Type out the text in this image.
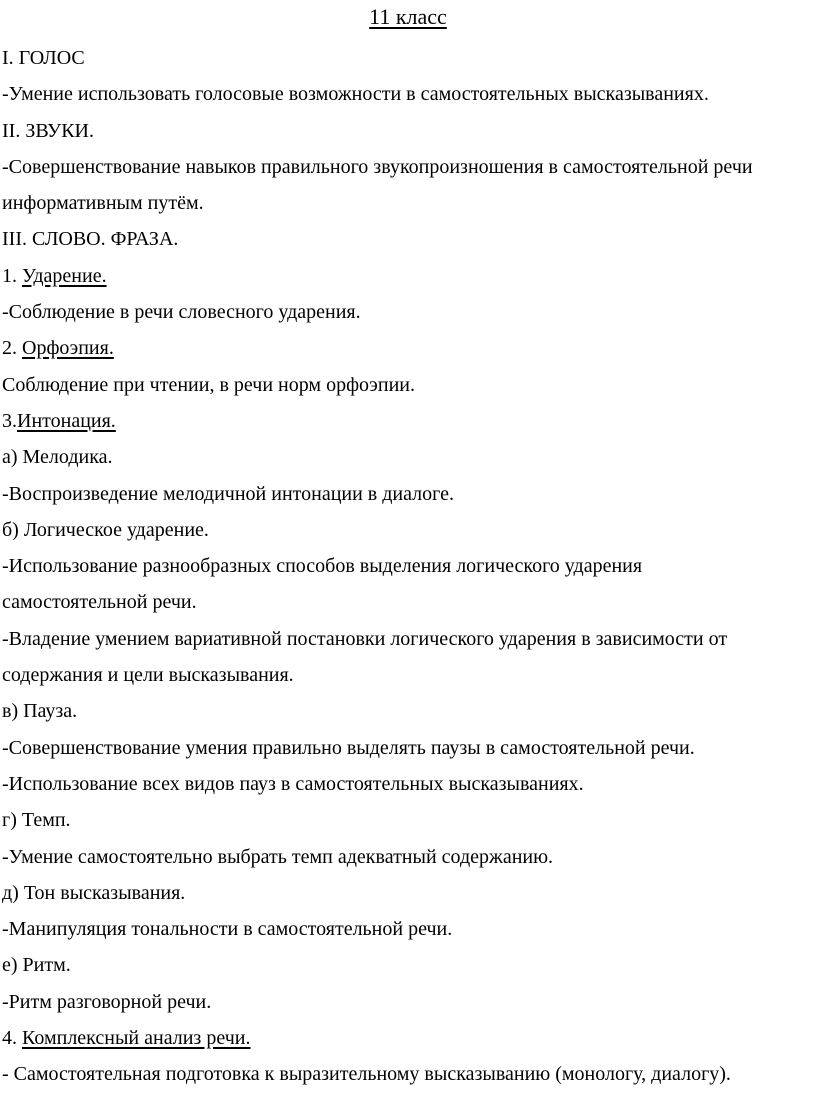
11 класс
I. ГОЛОС
-Умение использовать голосовые возможности в самостоятельных высказываниях.
II. ЗВУКИ.
-Совершенствование навыков правильного звукопроизношения в самостоятельной речи
информативным путём.
III. СЛОВО. ФРАЗА.
1. Ударение.
-Соблюдение в речи словесного ударения.
2. Орфоэпия.
Соблюдение при чтении, в речи норм орфоэпии.
3.Интонация.
а) Мелодика.
-Воспроизведение мелодичной интонации в диалоге.
б) Логическое ударение.
-Использование разнообразных способов выделения логического ударения
самостоятельной речи.
-Владение умением вариативной постановки логического ударения в зависимости от
содержания и цели высказывания.
в) Пауза.
-Совершенствование умения правильно выделять паузы в самостоятельной речи.
-Использование всех видов пауз в самостоятельных высказываниях.
г) Темп.
-Умение самостоятельно выбрать темп адекватный содержанию.
д) Тон высказывания.
-Манипуляция тональности в самостоятельной речи.
е) Ритм.
-Ритм разговорной речи.
4. Комплексный анализ речи.
- Самостоятельная подготовка к выразительному высказыванию (монологу, диалогу).
